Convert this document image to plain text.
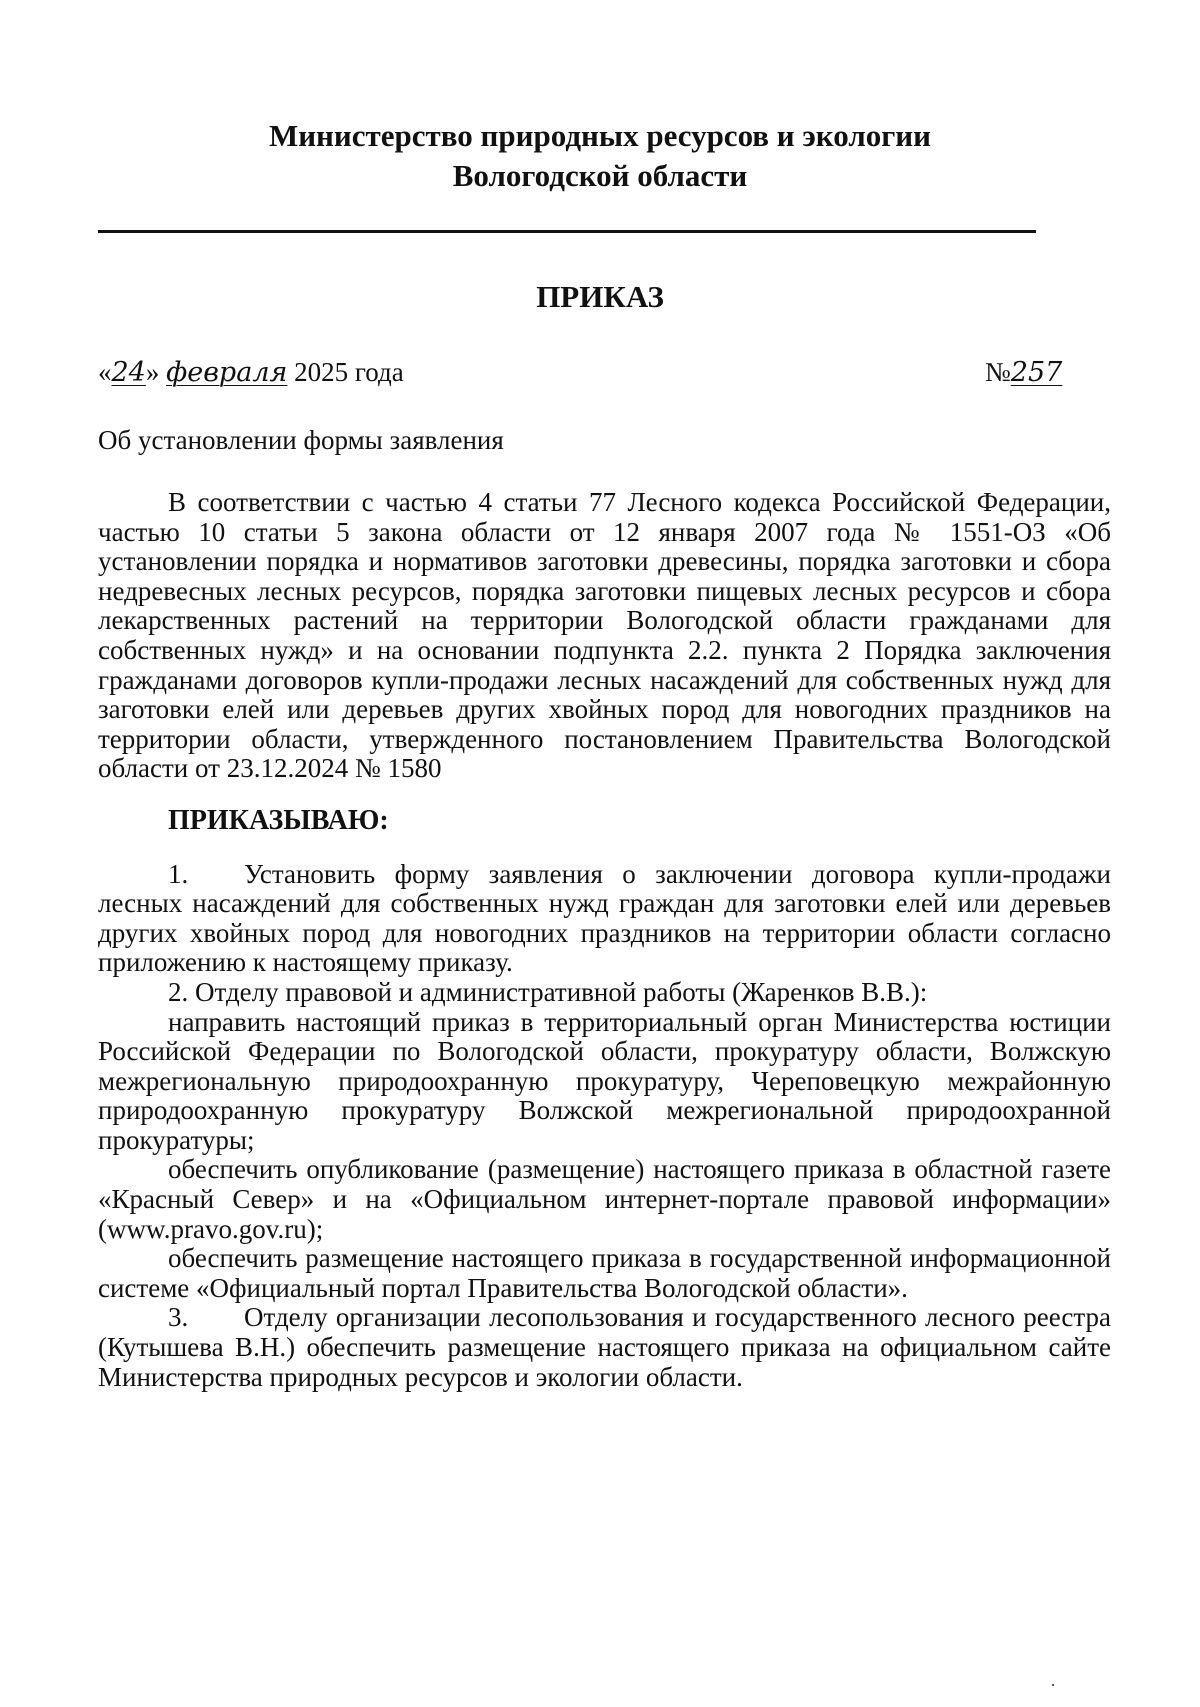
Министерство природных ресурсов и экологии
Вологодской области
ПРИКАЗ
«24» февраля 2025 года	№257
Об установлении формы заявления

В соответствии с частью 4 статьи 77 Лесного кодекса Российской Федерации, частью 10 статьи 5 закона области от 12 января 2007 года № 1551-ОЗ «Об установлении порядка и нормативов заготовки древесины, порядка заготовки и сбора недревесных лесных ресурсов, порядка заготовки пищевых лесных ресурсов и сбора лекарственных растений на территории Вологодской области гражданами для собственных нужд» и на основании подпункта 2.2. пункта 2 Порядка заключения гражданами договоров купли-продажи лесных насаждений для собственных нужд для заготовки елей или деревьев других хвойных пород для новогодних праздников на территории области, утвержденного постановлением Правительства Вологодской области от 23.12.2024 № 1580

ПРИКАЗЫВАЮ:

1. Установить форму заявления о заключении договора купли-продажи лесных насаждений для собственных нужд граждан для заготовки елей или деревьев других хвойных пород для новогодних праздников на территории области согласно приложению к настоящему приказу.

2. Отделу правовой и административной работы (Жаренков В.В.):

направить настоящий приказ в территориальный орган Министерства юстиции Российской Федерации по Вологодской области, прокуратуру области, Волжскую межрегиональную природоохранную прокуратуру, Череповецкую межрайонную природоохранную прокуратуру Волжской межрегиональной природоохранной прокуратуры;

обеспечить опубликование (размещение) настоящего приказа в областной газете «Красный Север» и на «Официальном интернет-портале правовой информации» (www.pravo.gov.ru);

обеспечить размещение настоящего приказа в государственной информационной системе «Официальный портал Правительства Вологодской области».

3. Отделу организации лесопользования и государственного лесного реестра (Кутышева В.Н.) обеспечить размещение настоящего приказа на официальном сайте Министерства природных ресурсов и экологии области.
